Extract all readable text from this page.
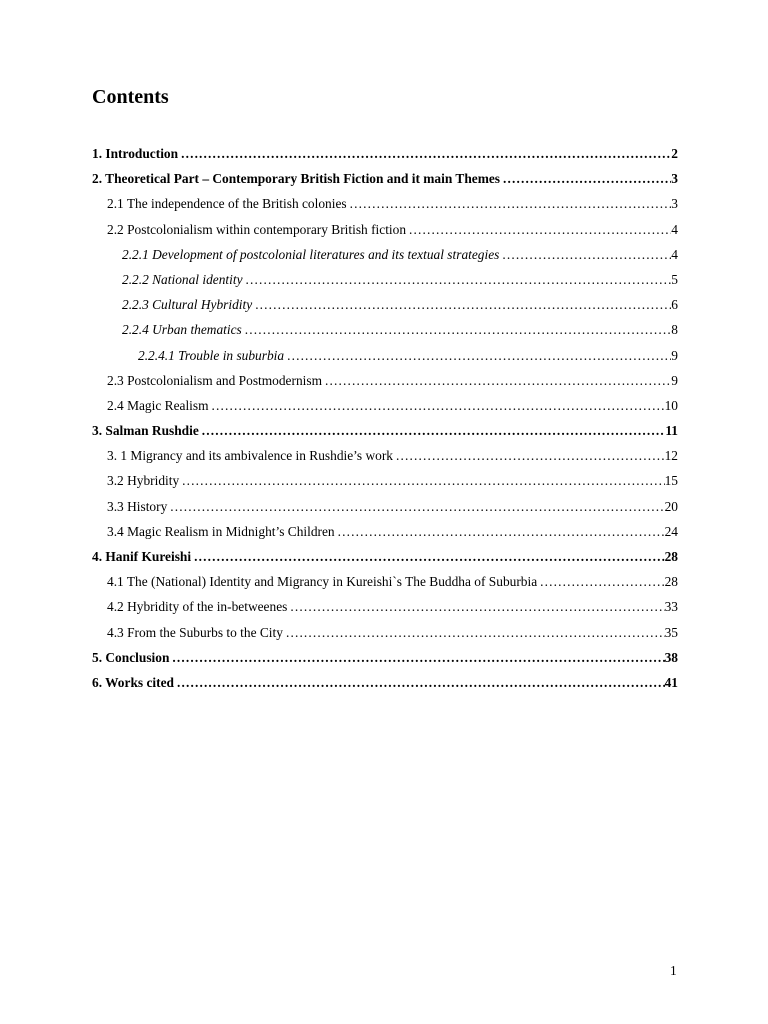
Contents
1. Introduction . . .	2
2. Theoretical Part – Contemporary British Fiction and it main Themes . . .	3
2.1 The independence of the British colonies . . .	3
2.2 Postcolonialism within contemporary British fiction . . .	4
2.2.1 Development of postcolonial literatures and its textual strategies . . .	4
2.2.2 National identity . . .	5
2.2.3 Cultural Hybridity . . .	6
2.2.4 Urban thematics . . .	8
2.2.4.1 Trouble in suburbia . . .	9
2.3 Postcolonialism and Postmodernism . . .	9
2.4 Magic Realism . . .	10
3. Salman Rushdie . . .	11
3. 1 Migrancy and its ambivalence in Rushdie’s work . . .	12
3.2 Hybridity . . .	15
3.3 History . . .	20
3.4 Magic Realism in Midnight’s Children . . .	24
4. Hanif Kureishi . . .	28
4.1 The (National) Identity and Migrancy in Kureishi`s The Buddha of Suburbia . . .	28
4.2 Hybridity of the in-betweenes . . .	33
4.3 From the Suburbs to the City . . .	35
5. Conclusion . . .	38
6. Works cited . . .	41
1
